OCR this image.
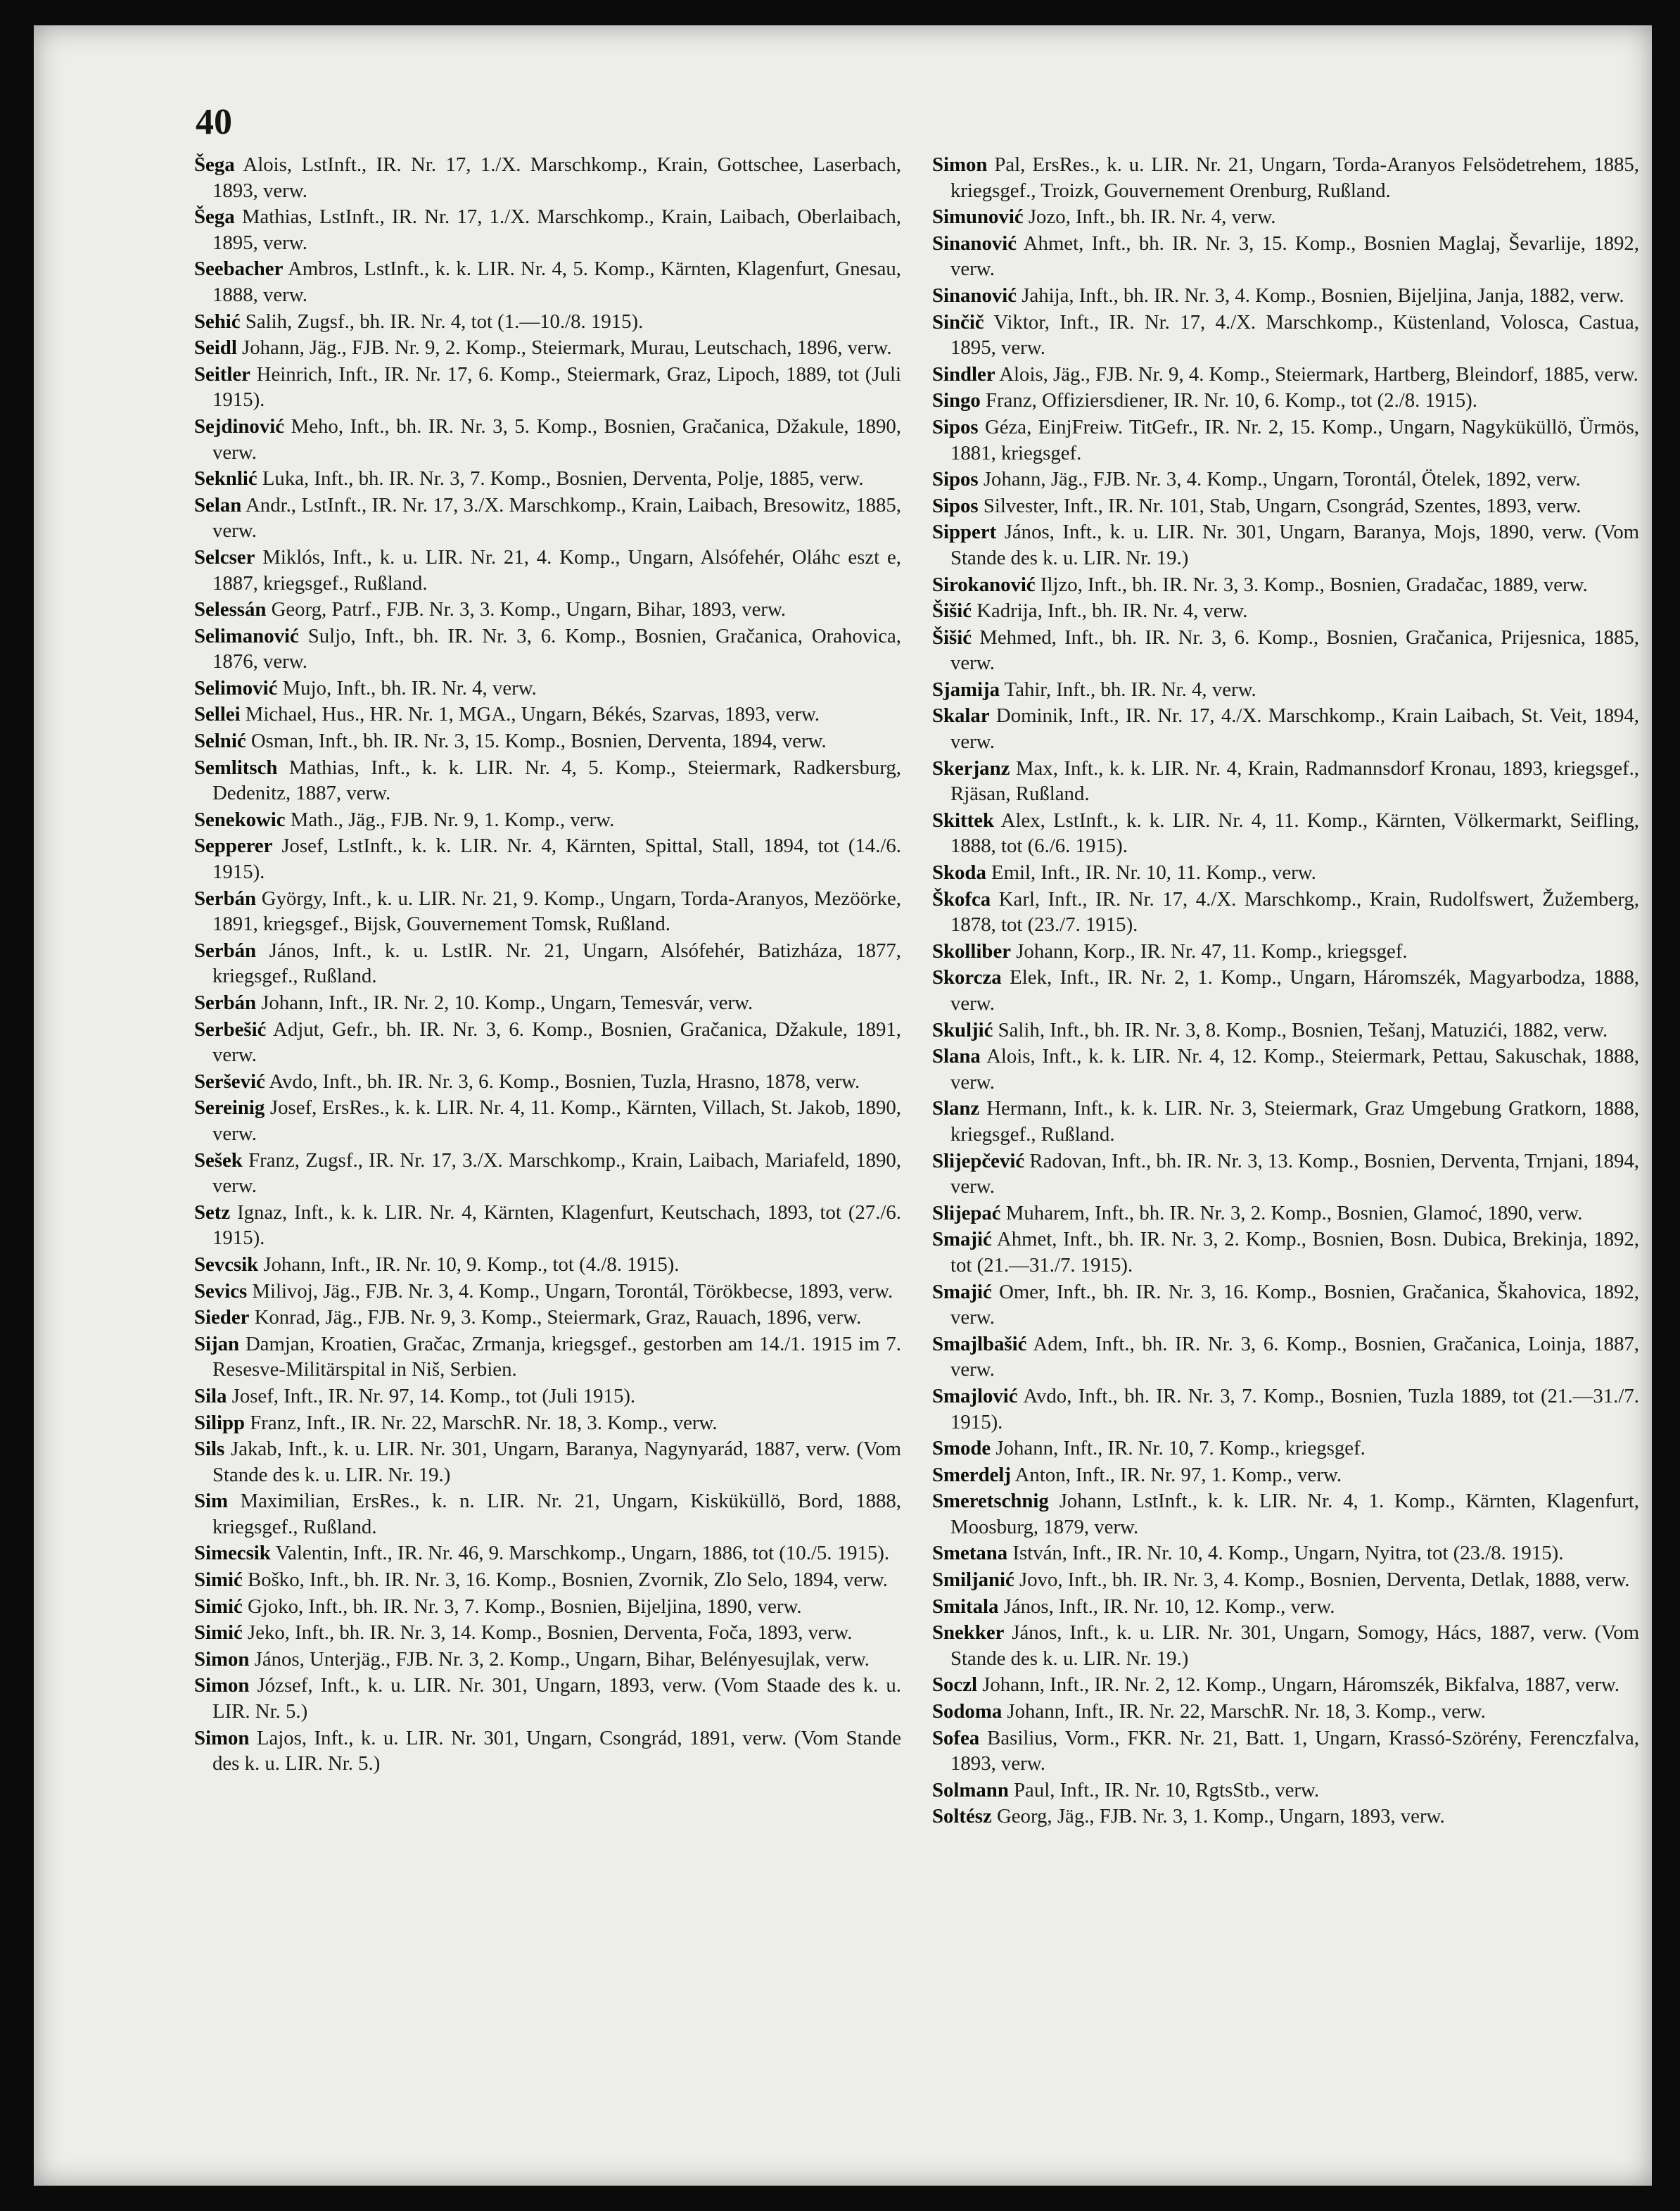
40

Šega Alois, LstInft., IR. Nr. 17, 1./X. Marschkomp., Krain, Gottschee, Laserbach, 1893, verw.

Šega Mathias, LstInft., IR. Nr. 17, 1./X. Marschkomp., Krain, Laibach, Oberlaibach, 1895, verw.

Seebacher Ambros, LstInft., k. k. LIR. Nr. 4, 5. Komp., Kärnten, Klagenfurt, Gnesau, 1888, verw.

Sehić Salih, Zugsf., bh. IR. Nr. 4, tot (1.—10./8. 1915).

Seidl Johann, Jäg., FJB. Nr. 9, 2. Komp., Steiermark, Murau, Leutschach, 1896, verw.

Seitler Heinrich, Inft., IR. Nr. 17, 6. Komp., Steiermark, Graz, Lipoch, 1889, tot (Juli 1915).

Sejdinović Meho, Inft., bh. IR. Nr. 3, 5. Komp., Bosnien, Gračanica, Džakule, 1890, verw.

Seknlić Luka, Inft., bh. IR. Nr. 3, 7. Komp., Bosnien, Derventa, Polje, 1885, verw.

Selan Andr., LstInft., IR. Nr. 17, 3./X. Marschkomp., Krain, Laibach, Bresowitz, 1885, verw.

Selcser Miklós, Inft., k. u. LIR. Nr. 21, 4. Komp., Ungarn, Alsófehér, Oláhc eszt e, 1887, kriegsgef., Rußland.

Selessán Georg, Patrf., FJB. Nr. 3, 3. Komp., Ungarn, Bihar, 1893, verw.

Selimanović Suljo, Inft., bh. IR. Nr. 3, 6. Komp., Bosnien, Gračanica, Orahovica, 1876, verw.

Selimović Mujo, Inft., bh. IR. Nr. 4, verw.

Sellei Michael, Hus., HR. Nr. 1, MGA., Ungarn, Békés, Szarvas, 1893, verw.

Selnić Osman, Inft., bh. IR. Nr. 3, 15. Komp., Bosnien, Derventa, 1894, verw.

Semlitsch Mathias, Inft., k. k. LIR. Nr. 4, 5. Komp., Steiermark, Radkersburg, Dedenitz, 1887, verw.

Senekowic Math., Jäg., FJB. Nr. 9, 1. Komp., verw.

Sepperer Josef, LstInft., k. k. LIR. Nr. 4, Kärnten, Spittal, Stall, 1894, tot (14./6. 1915).

Serbán György, Inft., k. u. LIR. Nr. 21, 9. Komp., Ungarn, Torda-Aranyos, Mezöörke, 1891, kriegsgef., Bijsk, Gouvernement Tomsk, Rußland.

Serbán János, Inft., k. u. LstIR. Nr. 21, Ungarn, Alsófehér, Batizháza, 1877, kriegsgef., Rußland.

Serbán Johann, Inft., IR. Nr. 2, 10. Komp., Ungarn, Temesvár, verw.

Serbešić Adjut, Gefr., bh. IR. Nr. 3, 6. Komp., Bosnien, Gračanica, Džakule, 1891, verw.

Seršević Avdo, Inft., bh. IR. Nr. 3, 6. Komp., Bosnien, Tuzla, Hrasno, 1878, verw.

Sereinig Josef, ErsRes., k. k. LIR. Nr. 4, 11. Komp., Kärnten, Villach, St. Jakob, 1890, verw.

Sešek Franz, Zugsf., IR. Nr. 17, 3./X. Marschkomp., Krain, Laibach, Mariafeld, 1890, verw.

Setz Ignaz, Inft., k. k. LIR. Nr. 4, Kärnten, Klagenfurt, Keutschach, 1893, tot (27./6. 1915).

Sevcsik Johann, Inft., IR. Nr. 10, 9. Komp., tot (4./8. 1915).

Sevics Milivoj, Jäg., FJB. Nr. 3, 4. Komp., Ungarn, Torontál, Törökbecse, 1893, verw.

Sieder Konrad, Jäg., FJB. Nr. 9, 3. Komp., Steiermark, Graz, Rauach, 1896, verw.

Sijan Damjan, Kroatien, Gračac, Zrmanja, kriegsgef., gestorben am 14./1. 1915 im 7. Resesve-Militärspital in Niš, Serbien.

Sila Josef, Inft., IR. Nr. 97, 14. Komp., tot (Juli 1915).

Silipp Franz, Inft., IR. Nr. 22, MarschR. Nr. 18, 3. Komp., verw.

Sils Jakab, Inft., k. u. LIR. Nr. 301, Ungarn, Baranya, Nagynyarád, 1887, verw. (Vom Stande des k. u. LIR. Nr. 19.)

Sim Maximilian, ErsRes., k. n. LIR. Nr. 21, Ungarn, Kisküküllö, Bord, 1888, kriegsgef., Rußland.

Simecsik Valentin, Inft., IR. Nr. 46, 9. Marschkomp., Ungarn, 1886, tot (10./5. 1915).

Simić Boško, Inft., bh. IR. Nr. 3, 16. Komp., Bosnien, Zvornik, Zlo Selo, 1894, verw.

Simić Gjoko, Inft., bh. IR. Nr. 3, 7. Komp., Bosnien, Bijeljina, 1890, verw.

Simić Jeko, Inft., bh. IR. Nr. 3, 14. Komp., Bosnien, Derventa, Foča, 1893, verw.

Simon János, Unterjäg., FJB. Nr. 3, 2. Komp., Ungarn, Bihar, Belényesujlak, verw.

Simon József, Inft., k. u. LIR. Nr. 301, Ungarn, 1893, verw. (Vom Staade des k. u. LIR. Nr. 5.)

Simon Lajos, Inft., k. u. LIR. Nr. 301, Ungarn, Csongrád, 1891, verw. (Vom Stande des k. u. LIR. Nr. 5.)

Simon Pal, ErsRes., k. u. LIR. Nr. 21, Ungarn, Torda-Aranyos Felsödetrehem, 1885, kriegsgef., Troizk, Gouvernement Orenburg, Rußland.

Simunović Jozo, Inft., bh. IR. Nr. 4, verw.

Sinanović Ahmet, Inft., bh. IR. Nr. 3, 15. Komp., Bosnien Maglaj, Ševarlije, 1892, verw.

Sinanović Jahija, Inft., bh. IR. Nr. 3, 4. Komp., Bosnien, Bijeljina, Janja, 1882, verw.

Sinčič Viktor, Inft., IR. Nr. 17, 4./X. Marschkomp., Küstenland, Volosca, Castua, 1895, verw.

Sindler Alois, Jäg., FJB. Nr. 9, 4. Komp., Steiermark, Hartberg, Bleindorf, 1885, verw.

Singo Franz, Offiziersdiener, IR. Nr. 10, 6. Komp., tot (2./8. 1915).

Sipos Géza, EinjFreiw. TitGefr., IR. Nr. 2, 15. Komp., Ungarn, Nagyküküllö, Ürmös, 1881, kriegsgef.

Sipos Johann, Jäg., FJB. Nr. 3, 4. Komp., Ungarn, Torontál, Ötelek, 1892, verw.

Sipos Silvester, Inft., IR. Nr. 101, Stab, Ungarn, Csongrád, Szentes, 1893, verw.

Sippert János, Inft., k. u. LIR. Nr. 301, Ungarn, Baranya, Mojs, 1890, verw. (Vom Stande des k. u. LIR. Nr. 19.)

Sirokanović Iljzo, Inft., bh. IR. Nr. 3, 3. Komp., Bosnien, Gradačac, 1889, verw.

Šišić Kadrija, Inft., bh. IR. Nr. 4, verw.

Šišić Mehmed, Inft., bh. IR. Nr. 3, 6. Komp., Bosnien, Gračanica, Prijesnica, 1885, verw.

Sjamija Tahir, Inft., bh. IR. Nr. 4, verw.

Skalar Dominik, Inft., IR. Nr. 17, 4./X. Marschkomp., Krain Laibach, St. Veit, 1894, verw.

Skerjanz Max, Inft., k. k. LIR. Nr. 4, Krain, Radmannsdorf Kronau, 1893, kriegsgef., Rjäsan, Rußland.

Skittek Alex, LstInft., k. k. LIR. Nr. 4, 11. Komp., Kärnten, Völkermarkt, Seifling, 1888, tot (6./6. 1915).

Skoda Emil, Inft., IR. Nr. 10, 11. Komp., verw.

Škofca Karl, Inft., IR. Nr. 17, 4./X. Marschkomp., Krain, Rudolfswert, Žužemberg, 1878, tot (23./7. 1915).

Skolliber Johann, Korp., IR. Nr. 47, 11. Komp., kriegsgef.

Skorcza Elek, Inft., IR. Nr. 2, 1. Komp., Ungarn, Háromszék, Magyarbodza, 1888, verw.

Skuljić Salih, Inft., bh. IR. Nr. 3, 8. Komp., Bosnien, Tešanj, Matuzići, 1882, verw.

Slana Alois, Inft., k. k. LIR. Nr. 4, 12. Komp., Steiermark, Pettau, Sakuschak, 1888, verw.

Slanz Hermann, Inft., k. k. LIR. Nr. 3, Steiermark, Graz Umgebung Gratkorn, 1888, kriegsgef., Rußland.

Slijepčević Radovan, Inft., bh. IR. Nr. 3, 13. Komp., Bosnien, Derventa, Trnjani, 1894, verw.

Slijepać Muharem, Inft., bh. IR. Nr. 3, 2. Komp., Bosnien, Glamoć, 1890, verw.

Smajić Ahmet, Inft., bh. IR. Nr. 3, 2. Komp., Bosnien, Bosn. Dubica, Brekinja, 1892, tot (21.—31./7. 1915).

Smajić Omer, Inft., bh. IR. Nr. 3, 16. Komp., Bosnien, Gračanica, Škahovica, 1892, verw.

Smajlbašić Adem, Inft., bh. IR. Nr. 3, 6. Komp., Bosnien, Gračanica, Loinja, 1887, verw.

Smajlović Avdo, Inft., bh. IR. Nr. 3, 7. Komp., Bosnien, Tuzla 1889, tot (21.—31./7. 1915).

Smode Johann, Inft., IR. Nr. 10, 7. Komp., kriegsgef.

Smerdelj Anton, Inft., IR. Nr. 97, 1. Komp., verw.

Smeretschnig Johann, LstInft., k. k. LIR. Nr. 4, 1. Komp., Kärnten, Klagenfurt, Moosburg, 1879, verw.

Smetana István, Inft., IR. Nr. 10, 4. Komp., Ungarn, Nyitra, tot (23./8. 1915).

Smiljanić Jovo, Inft., bh. IR. Nr. 3, 4. Komp., Bosnien, Derventa, Detlak, 1888, verw.

Smitala János, Inft., IR. Nr. 10, 12. Komp., verw.

Snekker János, Inft., k. u. LIR. Nr. 301, Ungarn, Somogy, Hács, 1887, verw. (Vom Stande des k. u. LIR. Nr. 19.)

Soczl Johann, Inft., IR. Nr. 2, 12. Komp., Ungarn, Háromszék, Bikfalva, 1887, verw.

Sodoma Johann, Inft., IR. Nr. 22, MarschR. Nr. 18, 3. Komp., verw.

Sofea Basilius, Vorm., FKR. Nr. 21, Batt. 1, Ungarn, Krassó-Szörény, Ferenczfalva, 1893, verw.

Solmann Paul, Inft., IR. Nr. 10, RgtsStb., verw.

Soltész Georg, Jäg., FJB. Nr. 3, 1. Komp., Ungarn, 1893, verw.
